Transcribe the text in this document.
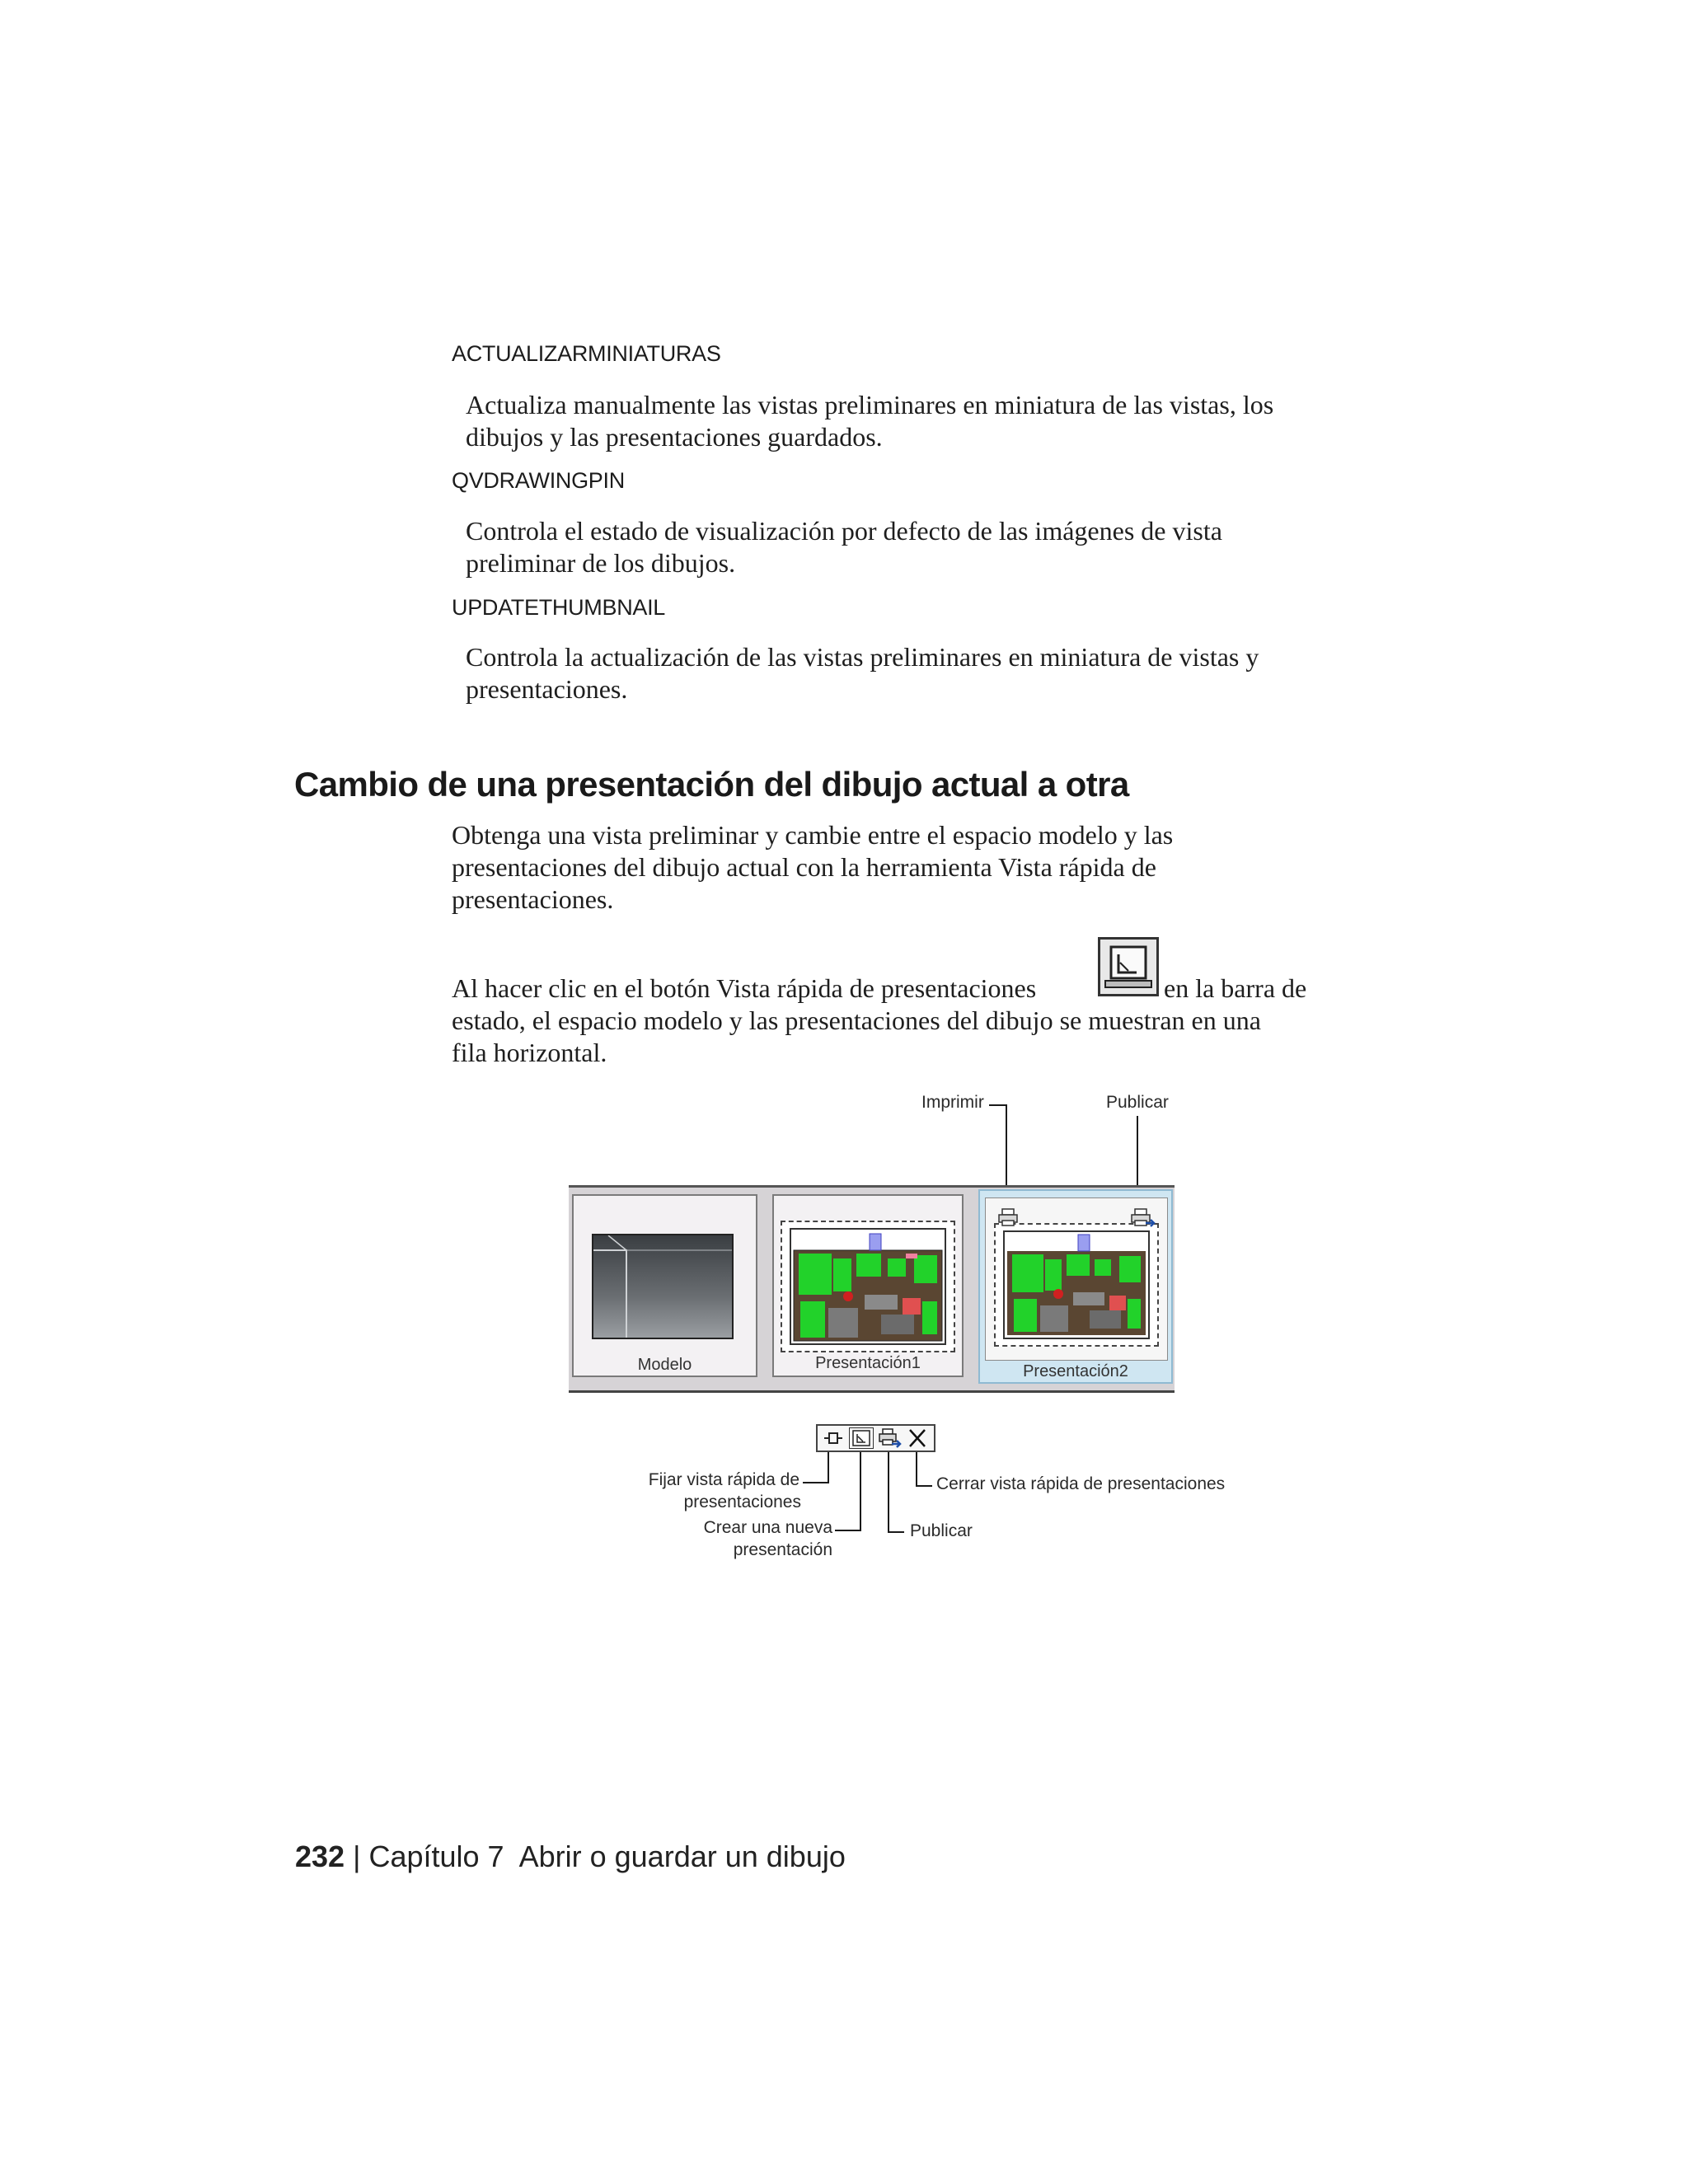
ACTUALIZARMINIATURAS
Actualiza manualmente las vistas preliminares en miniatura de las vistas, los
dibujos y las presentaciones guardados.
QVDRAWINGPIN
Controla el estado de visualización por defecto de las imágenes de vista
preliminar de los dibujos.
UPDATETHUMBNAIL
Controla la actualización de las vistas preliminares en miniatura de vistas y
presentaciones.
Cambio de una presentación del dibujo actual a otra
Obtenga una vista preliminar y cambie entre el espacio modelo y las
presentaciones del dibujo actual con la herramienta Vista rápida de
presentaciones.
Al hacer clic en el botón Vista rápida de presentaciones	en la barra de
estado, el espacio modelo y las presentaciones del dibujo se muestran en una
fila horizontal.
Imprimir	Publicar
Modelo	Presentación1	Presentación2
Fijar vista rápida de
presentaciones
Crear una nueva
presentación
Publicar
Cerrar vista rápida de presentaciones
232 | Capítulo 7 Abrir o guardar un dibujo
